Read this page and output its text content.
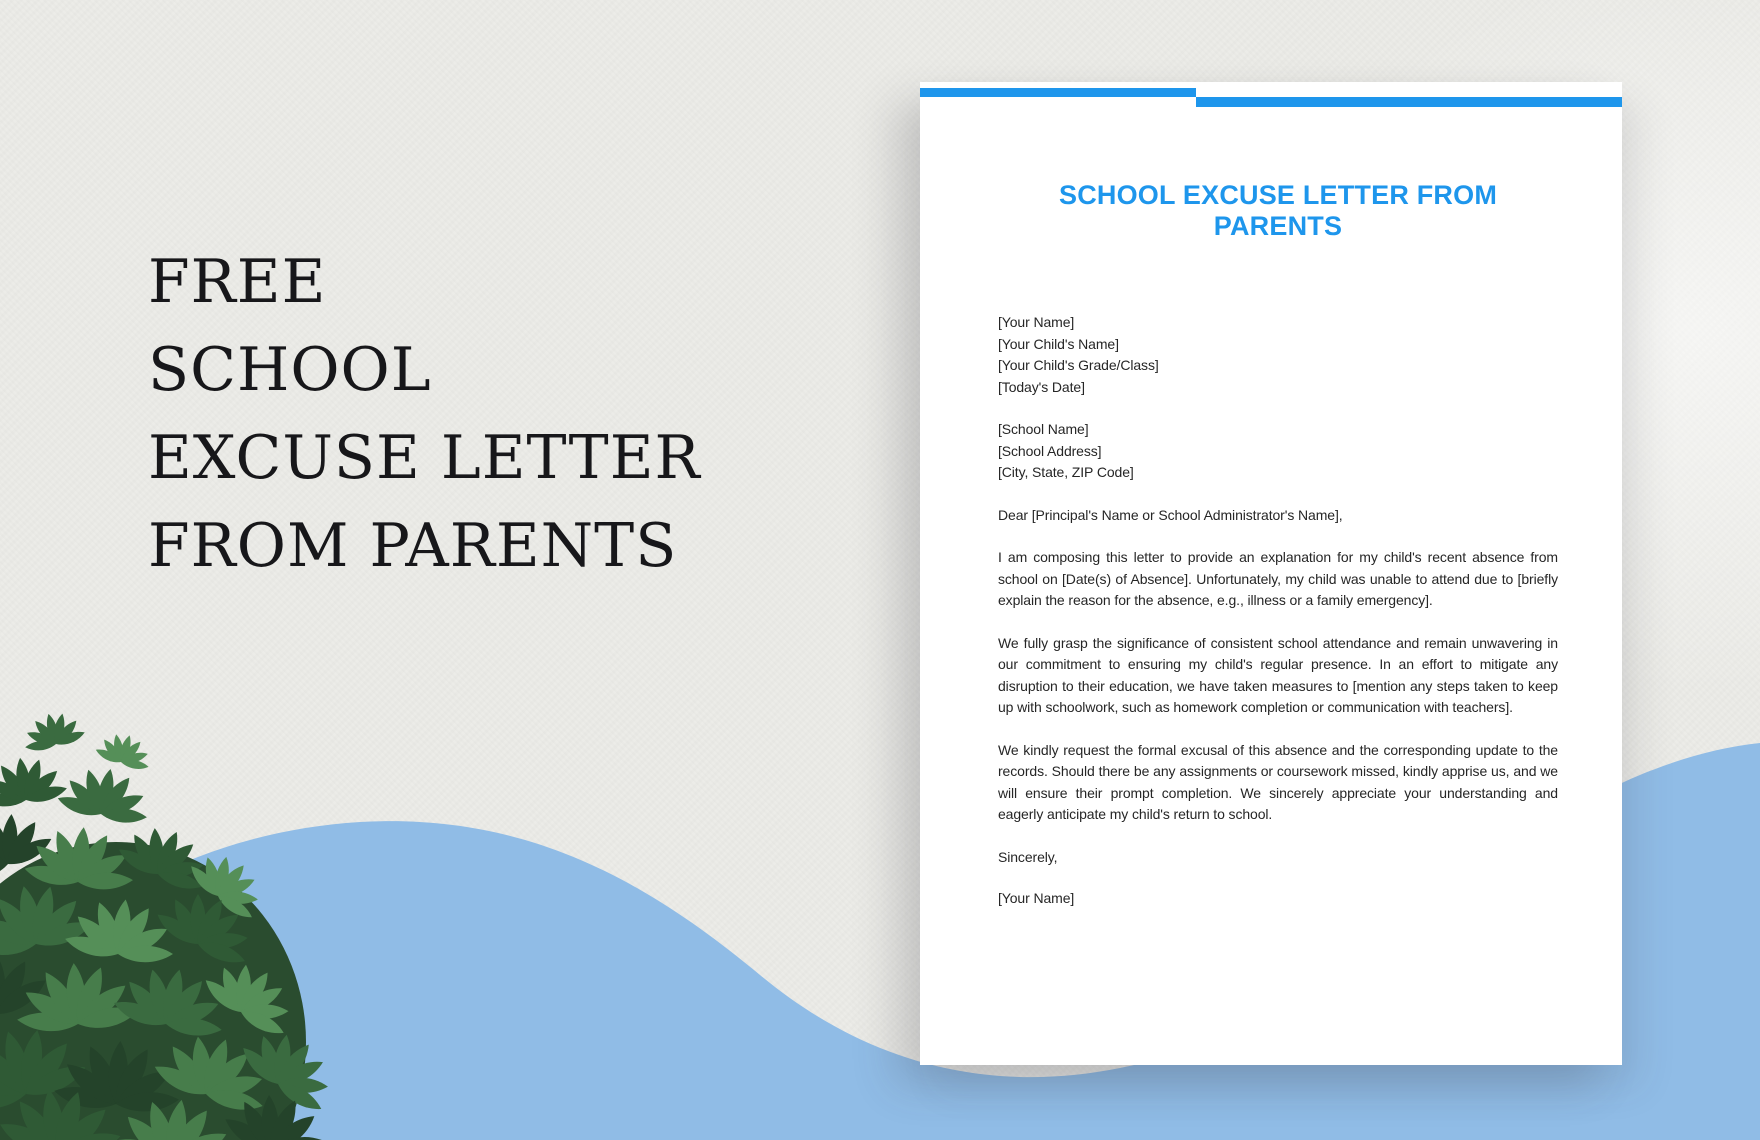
FREE
SCHOOL
EXCUSE LETTER
FROM PARENTS
SCHOOL EXCUSE LETTER FROM PARENTS
[Your Name]
[Your Child's Name]
[Your Child's Grade/Class]
[Today's Date]
[School Name]
[School Address]
[City, State, ZIP Code]
Dear [Principal's Name or School Administrator's Name],

I am composing this letter to provide an explanation for my child's recent absence from school on [Date(s) of Absence]. Unfortunately, my child was unable to attend due to [briefly explain the reason for the absence, e.g., illness or a family emergency].

We fully grasp the significance of consistent school attendance and remain unwavering in our commitment to ensuring my child's regular presence. In an effort to mitigate any disruption to their education, we have taken measures to [mention any steps taken to keep up with schoolwork, such as homework completion or communication with teachers].

We kindly request the formal excusal of this absence and the corresponding update to the records. Should there be any assignments or coursework missed, kindly apprise us, and we will ensure their prompt completion. We sincerely appreciate your understanding and eagerly anticipate my child's return to school.

Sincerely,
[Your Name]
